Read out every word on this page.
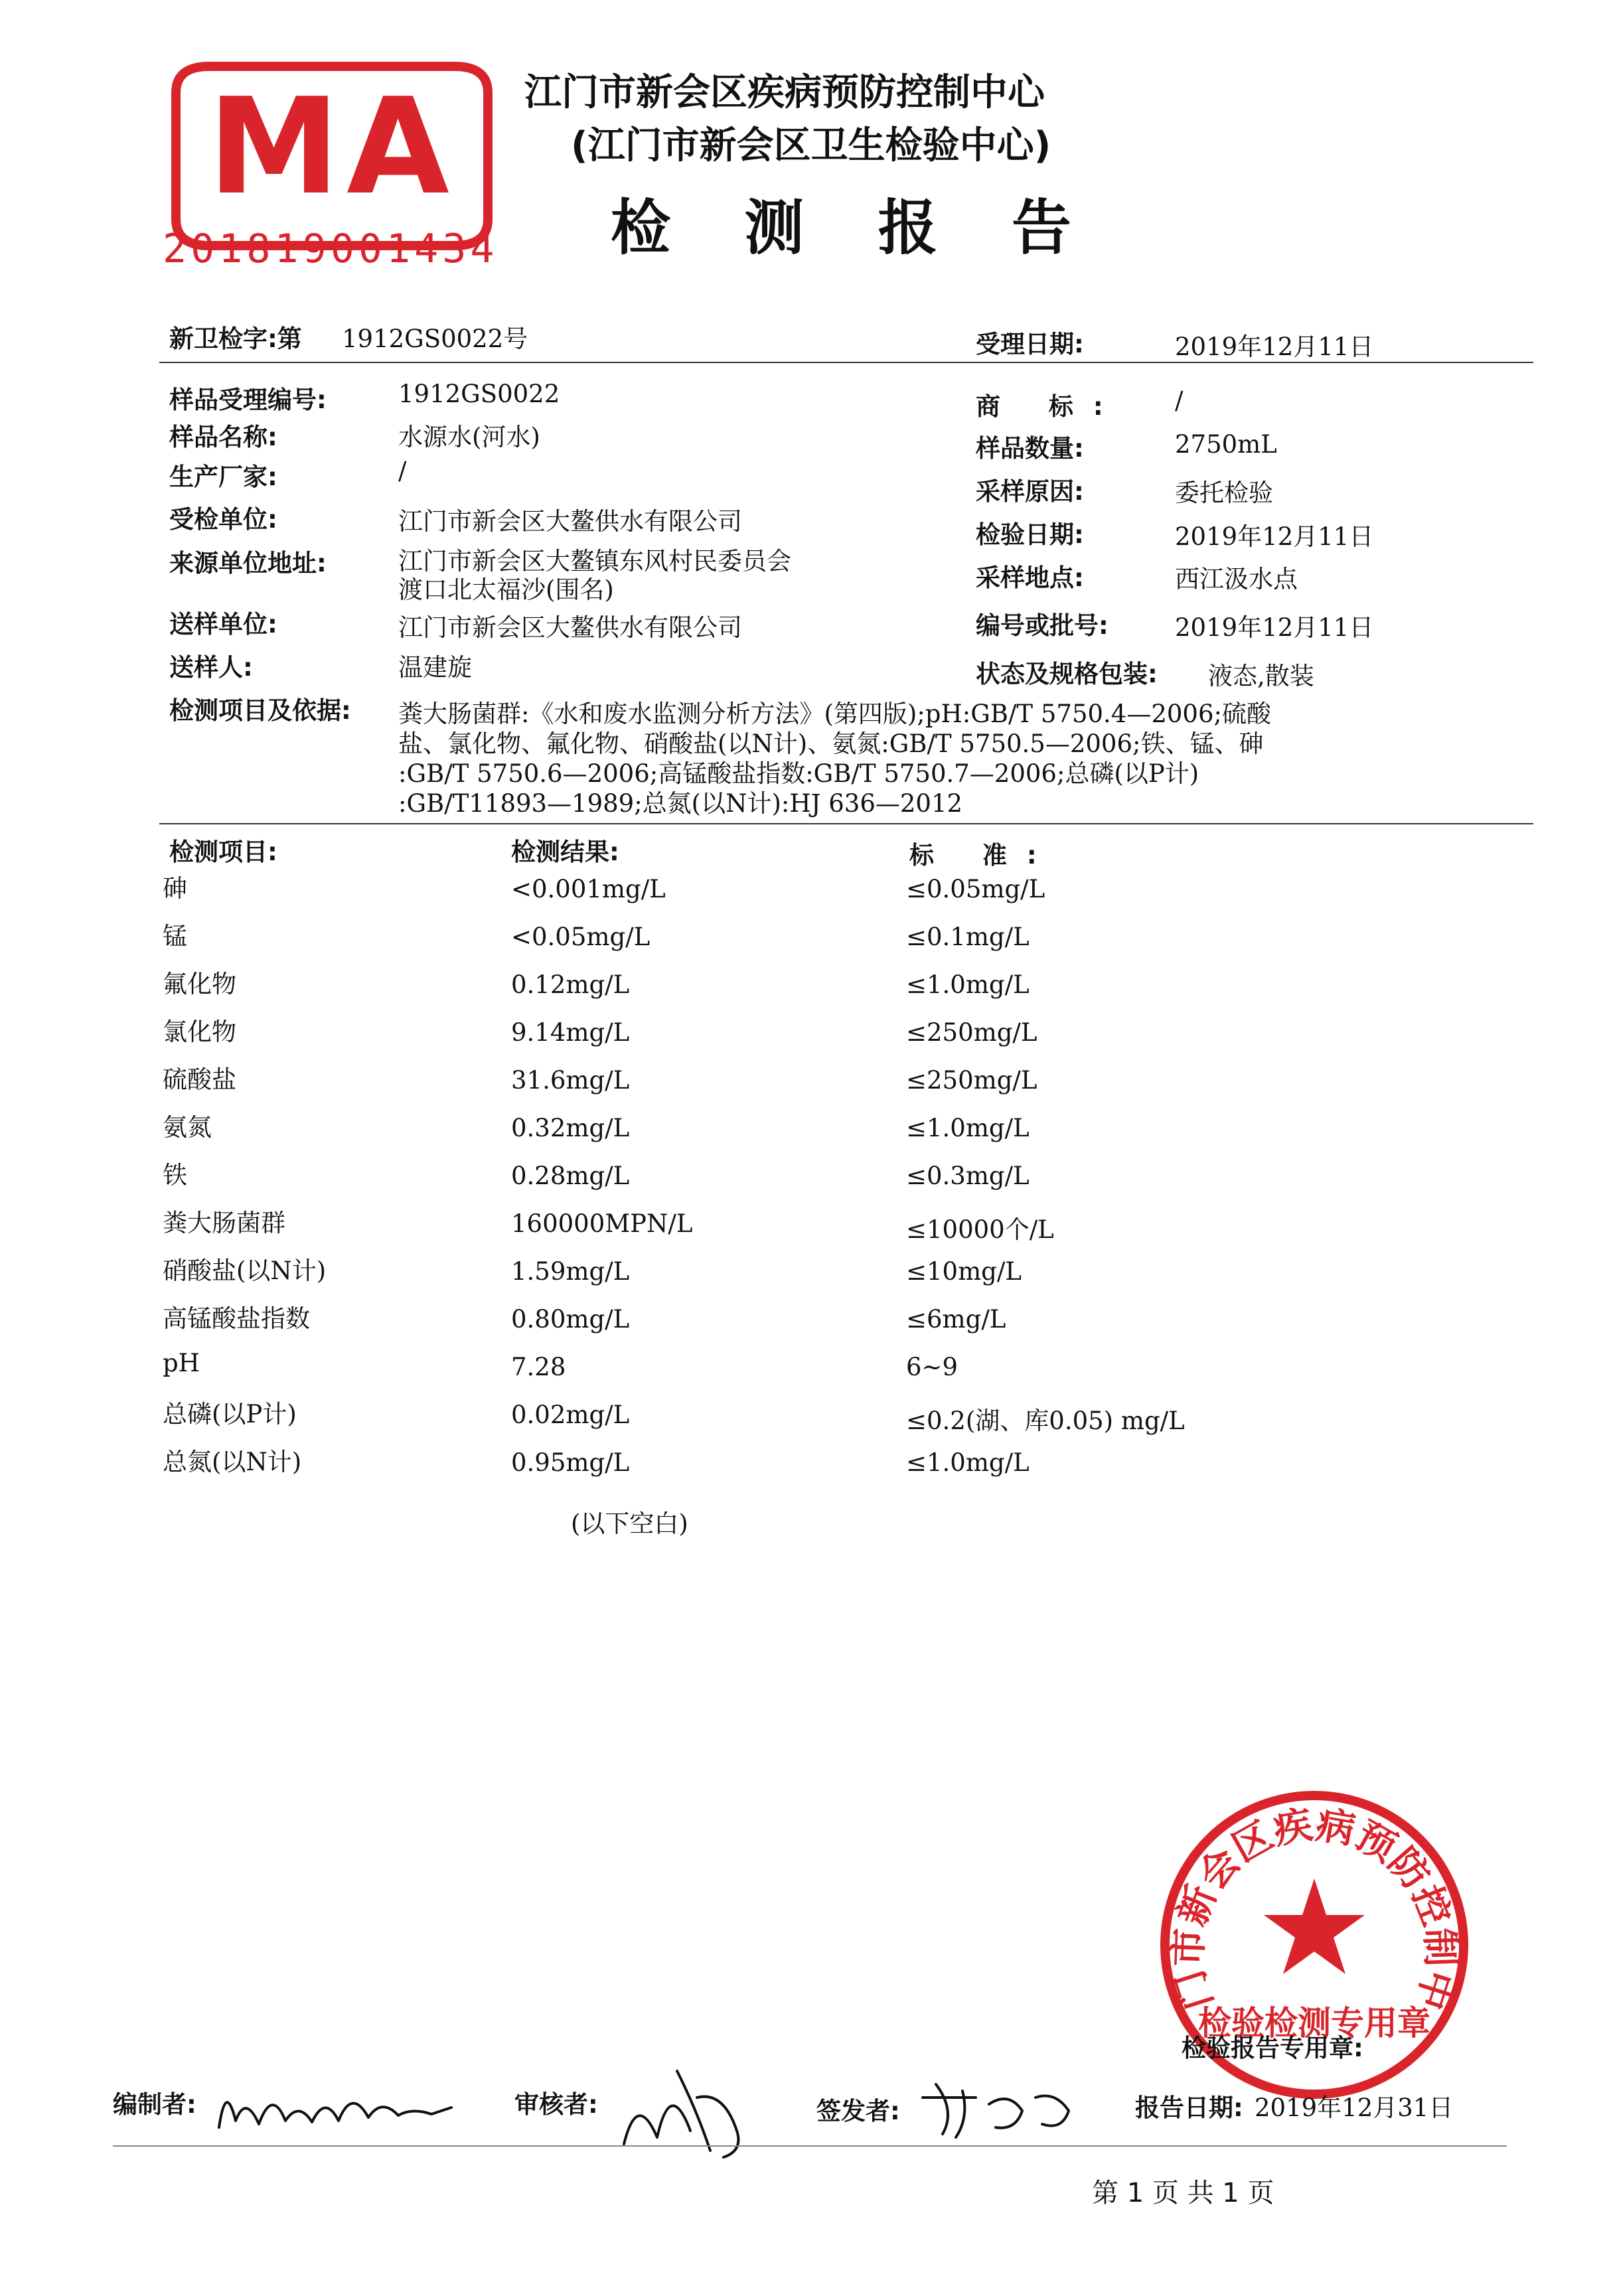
MA
201819001434
江门市新会区疾病预防控制中心
(江门市新会区卫生检验中心)
检 测 报 告
新卫检字:第 1912GS0022号	受理日期:	2019年12月11日
样品受理编号:	1912GS0022
样品名称:	水源水(河水)
生产厂家:	/
受检单位:	江门市新会区大鳌供水有限公司
来源单位地址:	江门市新会区大鳌镇东风村民委员会
渡口北太福沙(围名)
送样单位:	江门市新会区大鳌供水有限公司
送样人:	温建旋
商 标: /
样品数量:	2750mL
采样原因:	委托检验
检验日期:	2019年12月11日
采样地点:	西江汲水点
编号或批号:	2019年12月11日
状态及规格包装: 液态,散装
检测项目及依据: 粪大肠菌群:《水和废水监测分析方法》(第四版);pH:GB/T 5750.4—2006;硫酸
盐、氯化物、氟化物、硝酸盐(以N计)、氨氮:GB/T 5750.5—2006;铁、锰、砷
:GB/T 5750.6—2006;高锰酸盐指数:GB/T 5750.7—2006;总磷(以P计)
:GB/T11893—1989;总氮(以N计):HJ 636—2012
检测项目:	检测结果:	标 准:
砷	<0.001mg/L	≤0.05mg/L
锰	<0.05mg/L	≤0.1mg/L
氟化物	0.12mg/L	≤1.0mg/L
氯化物	9.14mg/L	≤250mg/L
硫酸盐	31.6mg/L	≤250mg/L
氨氮	0.32mg/L	≤1.0mg/L
铁	0.28mg/L	≤0.3mg/L
粪大肠菌群	160000MPN/L	≤10000个/L
硝酸盐(以N计)	1.59mg/L	≤10mg/L
高锰酸盐指数	0.80mg/L	≤6mg/L
pH	7.28	6~9
总磷(以P计)	0.02mg/L	≤0.2(湖、库0.05) mg/L
总氮(以N计)	0.95mg/L	≤1.0mg/L
(以下空白)
门市新会区疾病预防控制中
检验检测专用章
检验报告专用章:
编制者:	审核者:	签发者:	报告日期: 2019年12月31日
第 1 页 共 1 页
